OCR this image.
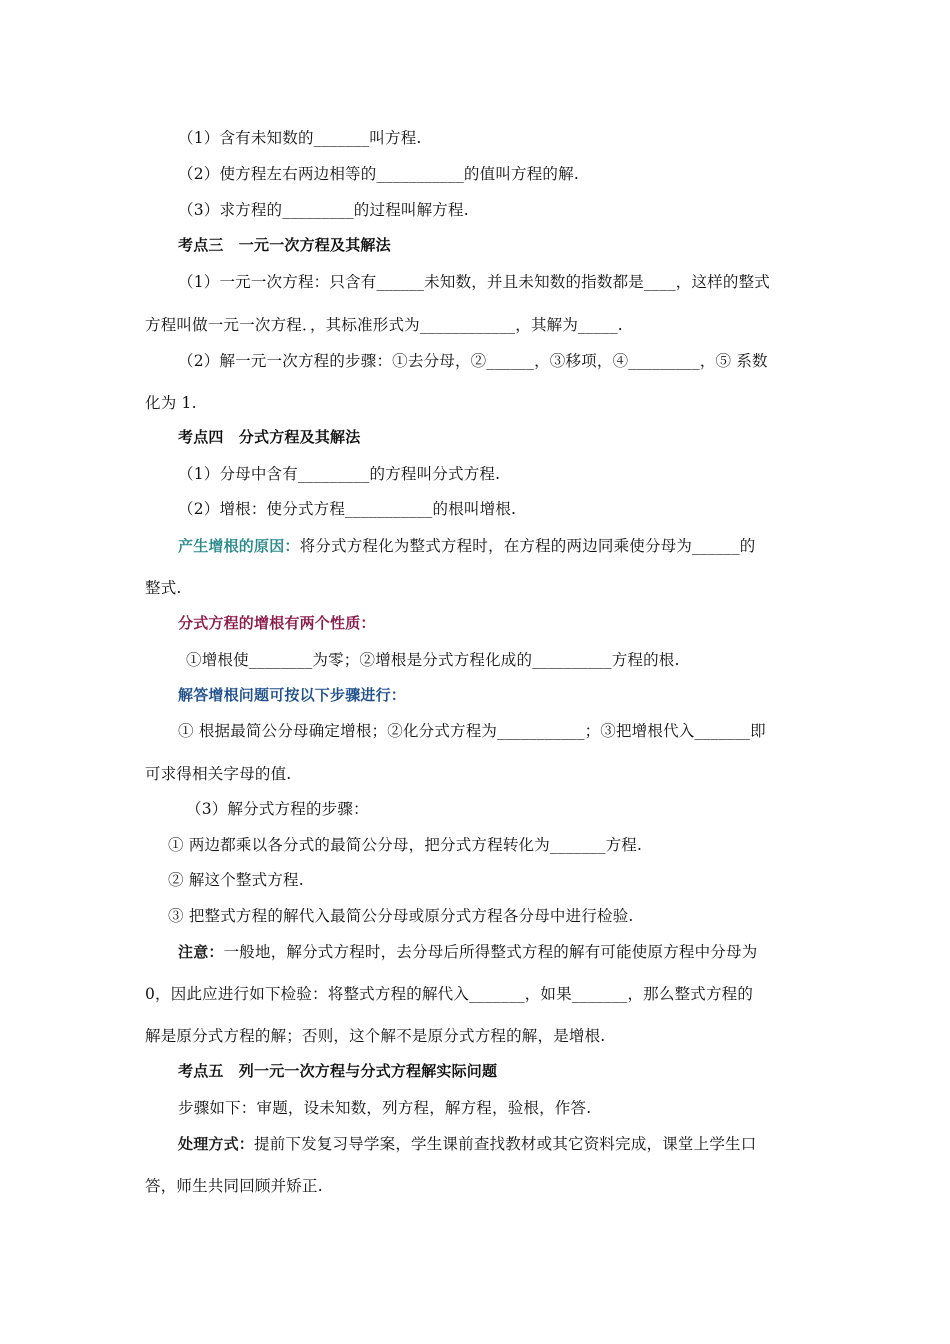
（1）含有未知数的_______叫方程.
（2）使方程左右两边相等的___________的值叫方程的解.
（3）求方程的_________的过程叫解方程.
考点三　一元一次方程及其解法
（1）一元一次方程：只含有______未知数，并且未知数的指数都是____，这样的整式
方程叫做一元一次方程．，其标准形式为____________，其解为_____.
（2）解一元一次方程的步骤：①去分母，②______，③移项，④_________，⑤ 系数
化为 1.
考点四　分式方程及其解法
（1）分母中含有_________的方程叫分式方程.
（2）增根：使分式方程___________的根叫增根.
产生增根的原因：将分式方程化为整式方程时，在方程的两边同乘使分母为______的
整式.
分式方程的增根有两个性质：
①增根使________为零；②增根是分式方程化成的__________方程的根.
解答增根问题可按以下步骤进行：
① 根据最简公分母确定增根；②化分式方程为___________；③把增根代入_______即
可求得相关字母的值.
（3）解分式方程的步骤：
① 两边都乘以各分式的最简公分母，把分式方程转化为_______方程.
② 解这个整式方程.
③ 把整式方程的解代入最简公分母或原分式方程各分母中进行检验.
注意：一般地，解分式方程时，去分母后所得整式方程的解有可能使原方程中分母为
0，因此应进行如下检验：将整式方程的解代入_______，如果_______，那么整式方程的
解是原分式方程的解；否则，这个解不是原分式方程的解，是增根.
考点五　列一元一次方程与分式方程解实际问题
步骤如下：审题，设未知数，列方程，解方程，验根，作答.
处理方式：提前下发复习导学案，学生课前查找教材或其它资料完成，课堂上学生口
答，师生共同回顾并矫正.
